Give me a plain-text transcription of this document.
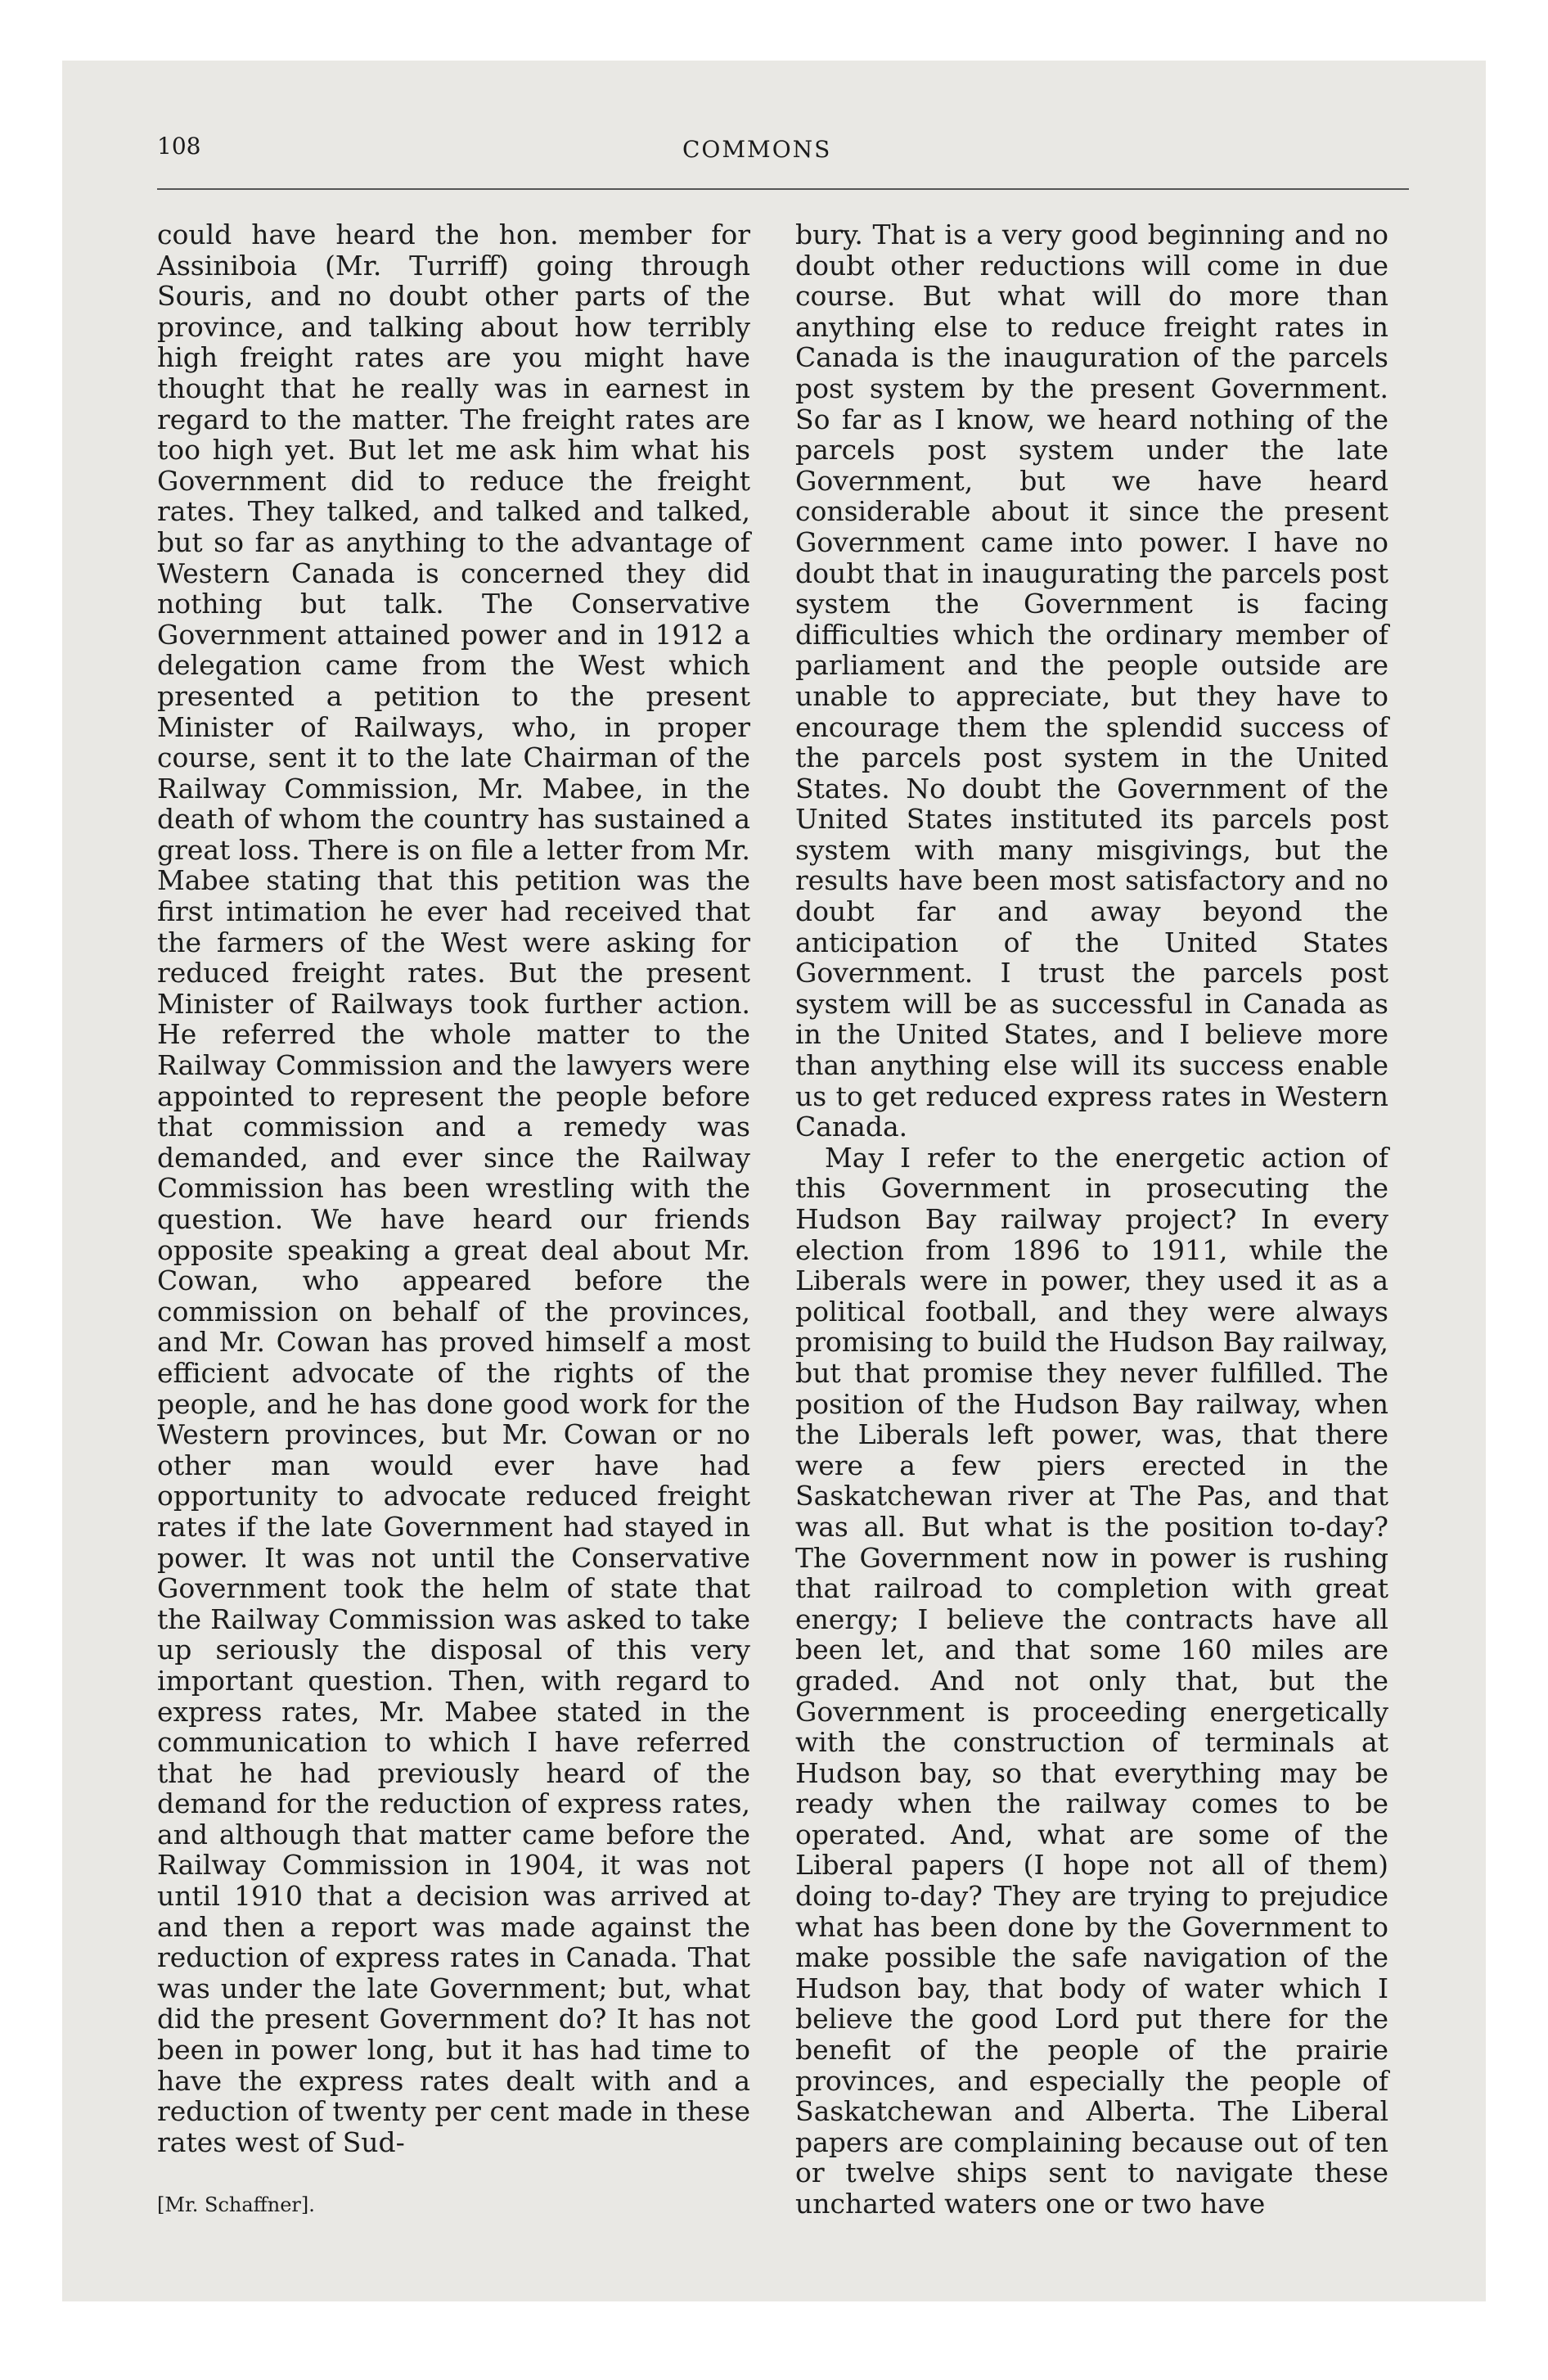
108	COMMONS

could have heard the hon. member for Assiniboia (Mr. Turriff) going through Souris, and no doubt other parts of the province, and talking about how terribly high freight rates are you might have thought that he really was in earnest in regard to the matter. The freight rates are too high yet. But let me ask him what his Government did to reduce the freight rates. They talked, and talked and talked, but so far as anything to the advantage of Western Canada is concerned they did nothing but talk. The Conservative Government attained power and in 1912 a delegation came from the West which presented a petition to the present Minister of Railways, who, in proper course, sent it to the late Chairman of the Railway Commission, Mr. Mabee, in the death of whom the country has sustained a great loss. There is on file a letter from Mr. Mabee stating that this petition was the first intimation he ever had received that the farmers of the West were asking for reduced freight rates. But the present Minister of Railways took further action. He referred the whole matter to the Railway Commission and the lawyers were appointed to represent the people before that commission and a remedy was demanded, and ever since the Railway Commission has been wrestling with the question. We have heard our friends opposite speaking a great deal about Mr. Cowan, who appeared before the commission on behalf of the provinces, and Mr. Cowan has proved himself a most efficient advocate of the rights of the people, and he has done good work for the Western provinces, but Mr. Cowan or no other man would ever have had opportunity to advocate reduced freight rates if the late Government had stayed in power. It was not until the Conservative Government took the helm of state that the Railway Commission was asked to take up seriously the disposal of this very important question. Then, with regard to express rates, Mr. Mabee stated in the communication to which I have referred that he had previously heard of the demand for the reduction of express rates, and although that matter came before the Railway Commission in 1904, it was not until 1910 that a decision was arrived at and then a report was made against the reduction of express rates in Canada. That was under the late Government; but, what did the present Government do? It has not been in power long, but it has had time to have the express rates dealt with and a reduction of twenty per cent made in these rates west of Sud-

bury. That is a very good beginning and no doubt other reductions will come in due course. But what will do more than anything else to reduce freight rates in Canada is the inauguration of the parcels post system by the present Government. So far as I know, we heard nothing of the parcels post system under the late Government, but we have heard considerable about it since the present Government came into power. I have no doubt that in inaugurating the parcels post system the Government is facing difficulties which the ordinary member of parliament and the people outside are unable to appreciate, but they have to encourage them the splendid success of the parcels post system in the United States. No doubt the Government of the United States instituted its parcels post system with many misgivings, but the results have been most satisfactory and no doubt far and away beyond the anticipation of the United States Government. I trust the parcels post system will be as successful in Canada as in the United States, and I believe more than anything else will its success enable us to get reduced express rates in Western Canada.

May I refer to the energetic action of this Government in prosecuting the Hudson Bay railway project? In every election from 1896 to 1911, while the Liberals were in power, they used it as a political football, and they were always promising to build the Hudson Bay railway, but that promise they never fulfilled. The position of the Hudson Bay railway, when the Liberals left power, was, that there were a few piers erected in the Saskatchewan river at The Pas, and that was all. But what is the position to-day? The Government now in power is rushing that railroad to completion with great energy; I believe the contracts have all been let, and that some 160 miles are graded. And not only that, but the Government is proceeding energetically with the construction of terminals at Hudson bay, so that everything may be ready when the railway comes to be operated. And, what are some of the Liberal papers (I hope not all of them) doing to-day? They are trying to prejudice what has been done by the Government to make possible the safe navigation of the Hudson bay, that body of water which I believe the good Lord put there for the benefit of the people of the prairie provinces, and especially the people of Saskatchewan and Alberta. The Liberal papers are complaining because out of ten or twelve ships sent to navigate these uncharted waters one or two have

[Mr. Schaffner].
